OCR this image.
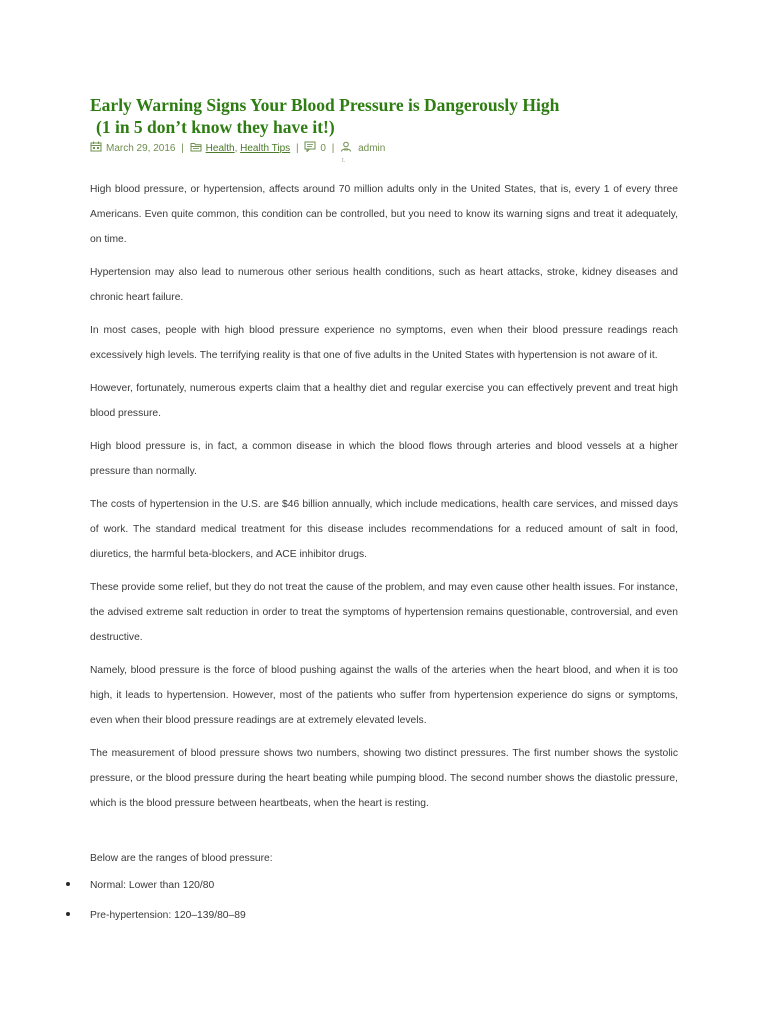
Early Warning Signs Your Blood Pressure is Dangerously High
(1 in 5 don’t know they have it!)
March 29, 2016 | Health, Health Tips | 0 | admin
t.

High blood pressure, or hypertension, affects around 70 million adults only in the United States, that is, every 1 of every three Americans. Even quite common, this condition can be controlled, but you need to know its warning signs and treat it adequately, on time.

Hypertension may also lead to numerous other serious health conditions, such as heart attacks, stroke, kidney diseases and chronic heart failure.

In most cases, people with high blood pressure experience no symptoms, even when their blood pressure readings reach excessively high levels. The terrifying reality is that one of five adults in the United States with hypertension is not aware of it.

However, fortunately, numerous experts claim that a healthy diet and regular exercise you can effectively prevent and treat high blood pressure.

High blood pressure is, in fact, a common disease in which the blood flows through arteries and blood vessels at a higher pressure than normally.

The costs of hypertension in the U.S. are $46 billion annually, which include medications, health care services, and missed days of work. The standard medical treatment for this disease includes recommendations for a reduced amount of salt in food, diuretics, the harmful beta-blockers, and ACE inhibitor drugs.

These provide some relief, but they do not treat the cause of the problem, and may even cause other health issues. For instance, the advised extreme salt reduction in order to treat the symptoms of hypertension remains questionable, controversial, and even destructive.

Namely, blood pressure is the force of blood pushing against the walls of the arteries when the heart blood, and when it is too high, it leads to hypertension. However, most of the patients who suffer from hypertension experience do signs or symptoms, even when their blood pressure readings are at extremely elevated levels.

The measurement of blood pressure shows two numbers, showing two distinct pressures. The first number shows the systolic pressure, or the blood pressure during the heart beating while pumping blood. The second number shows the diastolic pressure, which is the blood pressure between heartbeats, when the heart is resting.

Below are the ranges of blood pressure:
Normal: Lower than 120/80
Pre-hypertension: 120–139/80–89
